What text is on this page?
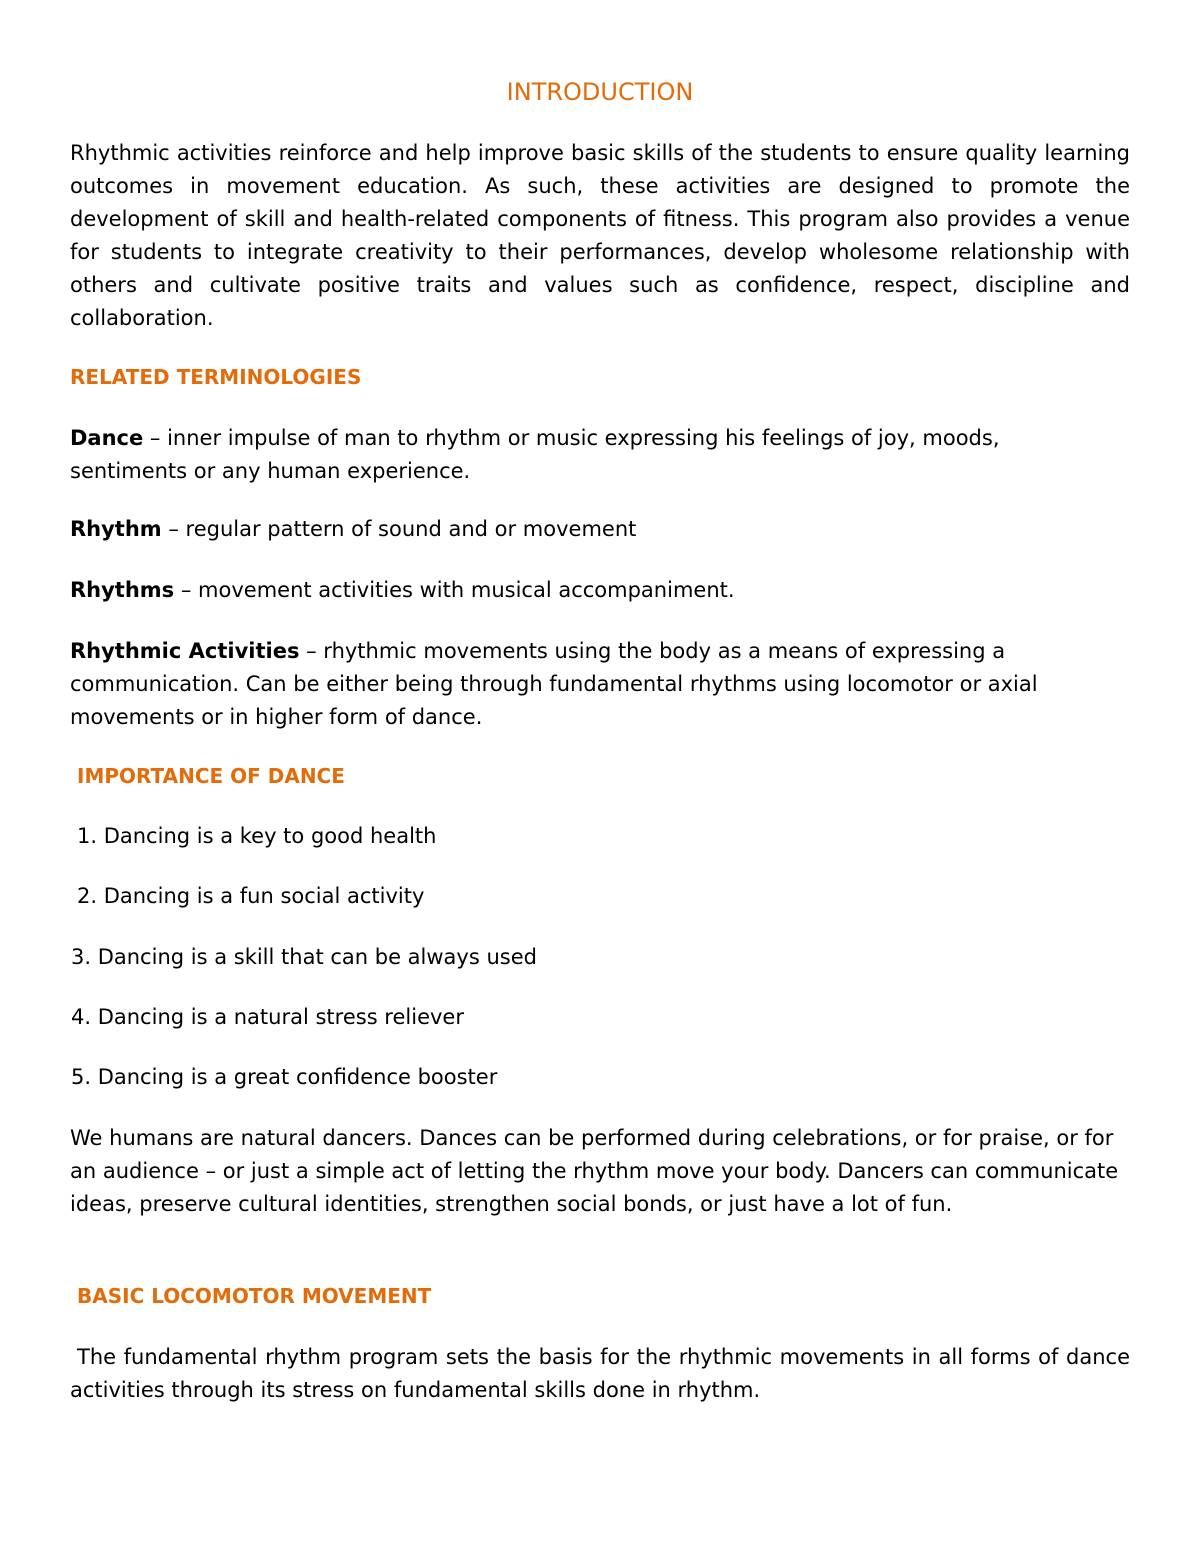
INTRODUCTION

Rhythmic activities reinforce and help improve basic skills of the students to ensure quality learning outcomes in movement education. As such, these activities are designed to promote the development of skill and health-related components of fitness. This program also provides a venue for students to integrate creativity to their performances, develop wholesome relationship with others and cultivate positive traits and values such as confidence, respect, discipline and collaboration.

RELATED TERMINOLOGIES

Dance – inner impulse of man to rhythm or music expressing his feelings of joy, moods, sentiments or any human experience.

Rhythm – regular pattern of sound and or movement

Rhythms – movement activities with musical accompaniment.

Rhythmic Activities – rhythmic movements using the body as a means of expressing a communication. Can be either being through fundamental rhythms using locomotor or axial movements or in higher form of dance.

IMPORTANCE OF DANCE

1. Dancing is a key to good health

2. Dancing is a fun social activity

3. Dancing is a skill that can be always used

4. Dancing is a natural stress reliever

5. Dancing is a great confidence booster

We humans are natural dancers. Dances can be performed during celebrations, or for praise, or for an audience – or just a simple act of letting the rhythm move your body. Dancers can communicate ideas, preserve cultural identities, strengthen social bonds, or just have a lot of fun.

BASIC LOCOMOTOR MOVEMENT

The fundamental rhythm program sets the basis for the rhythmic movements in all forms of dance activities through its stress on fundamental skills done in rhythm.
